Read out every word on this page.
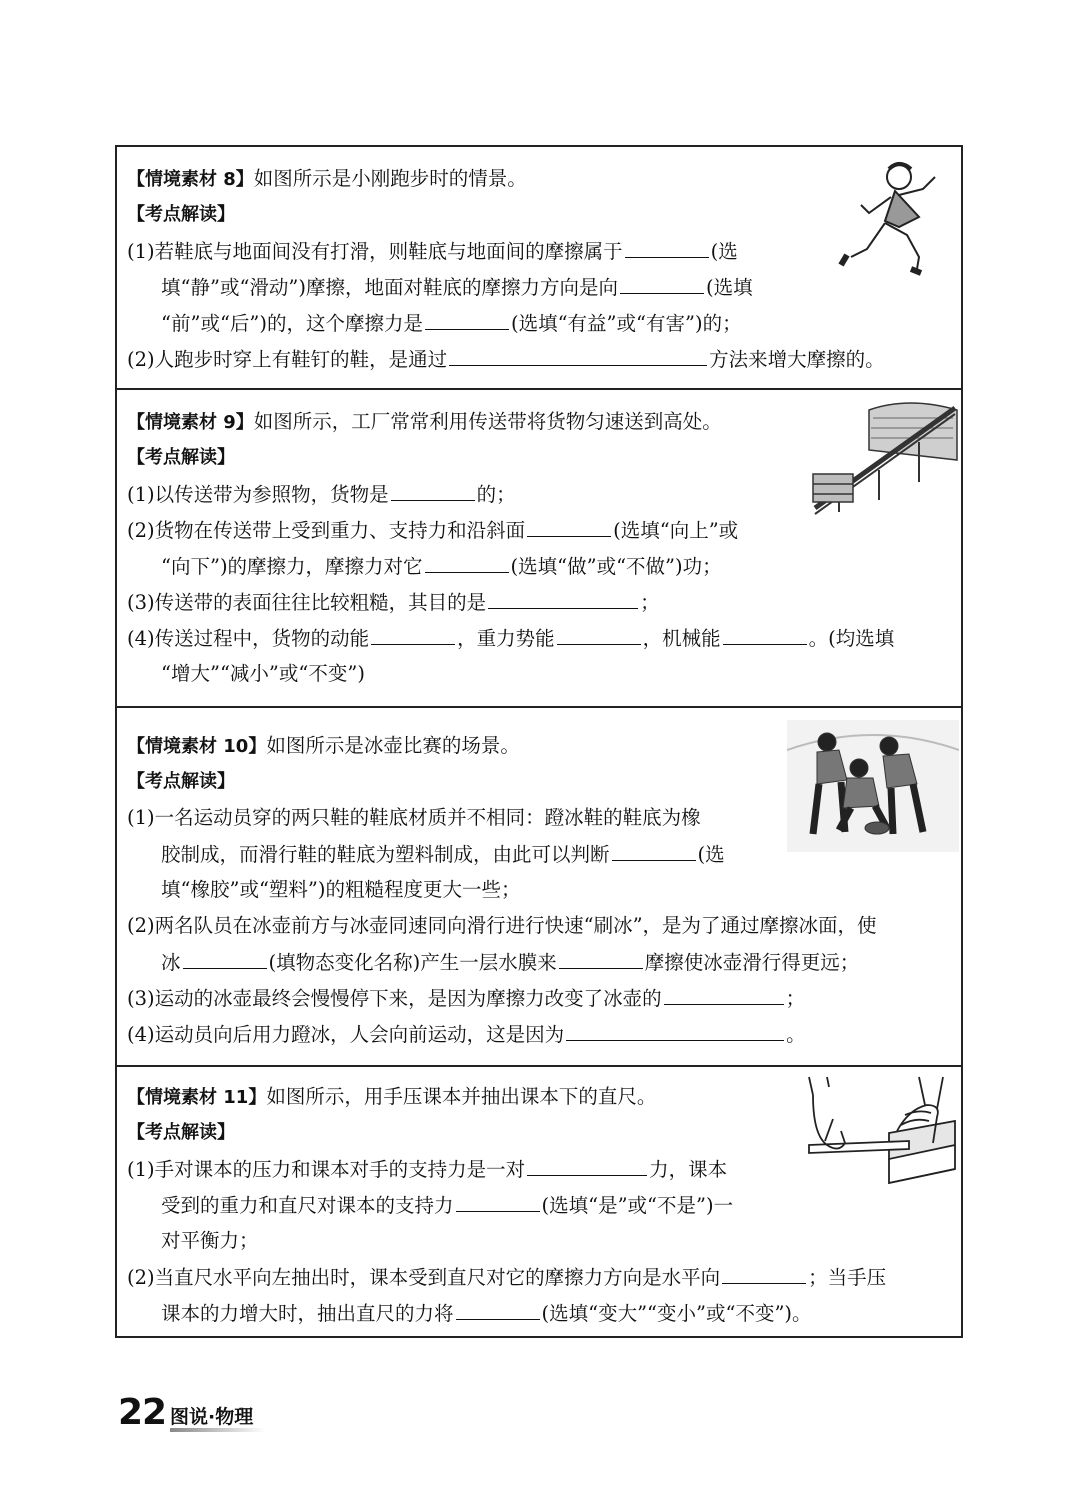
【情境素材 8】如图所示是小刚跑步时的情景。
【考点解读】
(1)若鞋底与地面间没有打滑，则鞋底与地面间的摩擦属于	(选
填“静”或“滑动”)摩擦，地面对鞋底的摩擦力方向是向	(选填
“前”或“后”)的，这个摩擦力是	(选填“有益”或“有害”)的；
(2)人跑步时穿上有鞋钉的鞋，是通过	方法来增大摩擦的。
【情境素材 9】如图所示，工厂常常利用传送带将货物匀速送到高处。
【考点解读】
(1)以传送带为参照物，货物是	的；
(2)货物在传送带上受到重力、支持力和沿斜面	(选填“向上”或
“向下”)的摩擦力，摩擦力对它	(选填“做”或“不做”)功；
(3)传送带的表面往往比较粗糙，其目的是	；
(4)传送过程中，货物的动能	，重力势能	，机械能	。(均选填
“增大”“减小”或“不变”)
【情境素材 10】如图所示是冰壶比赛的场景。
【考点解读】
(1)一名运动员穿的两只鞋的鞋底材质并不相同：蹬冰鞋的鞋底为橡
胶制成，而滑行鞋的鞋底为塑料制成，由此可以判断	(选
填“橡胶”或“塑料”)的粗糙程度更大一些；
(2)两名队员在冰壶前方与冰壶同速同向滑行进行快速“刷冰”，是为了通过摩擦冰面，使
冰	(填物态变化名称)产生一层水膜来	摩擦使冰壶滑行得更远；
(3)运动的冰壶最终会慢慢停下来，是因为摩擦力改变了冰壶的	；
(4)运动员向后用力蹬冰，人会向前运动，这是因为	。
【情境素材 11】如图所示，用手压课本并抽出课本下的直尺。
【考点解读】
(1)手对课本的压力和课本对手的支持力是一对	力，课本
受到的重力和直尺对课本的支持力	(选填“是”或“不是”)一
对平衡力；
(2)当直尺水平向左抽出时，课本受到直尺对它的摩擦力方向是水平向	；当手压
课本的力增大时，抽出直尺的力将	(选填“变大”“变小”或“不变”)。
22 图说·物理
